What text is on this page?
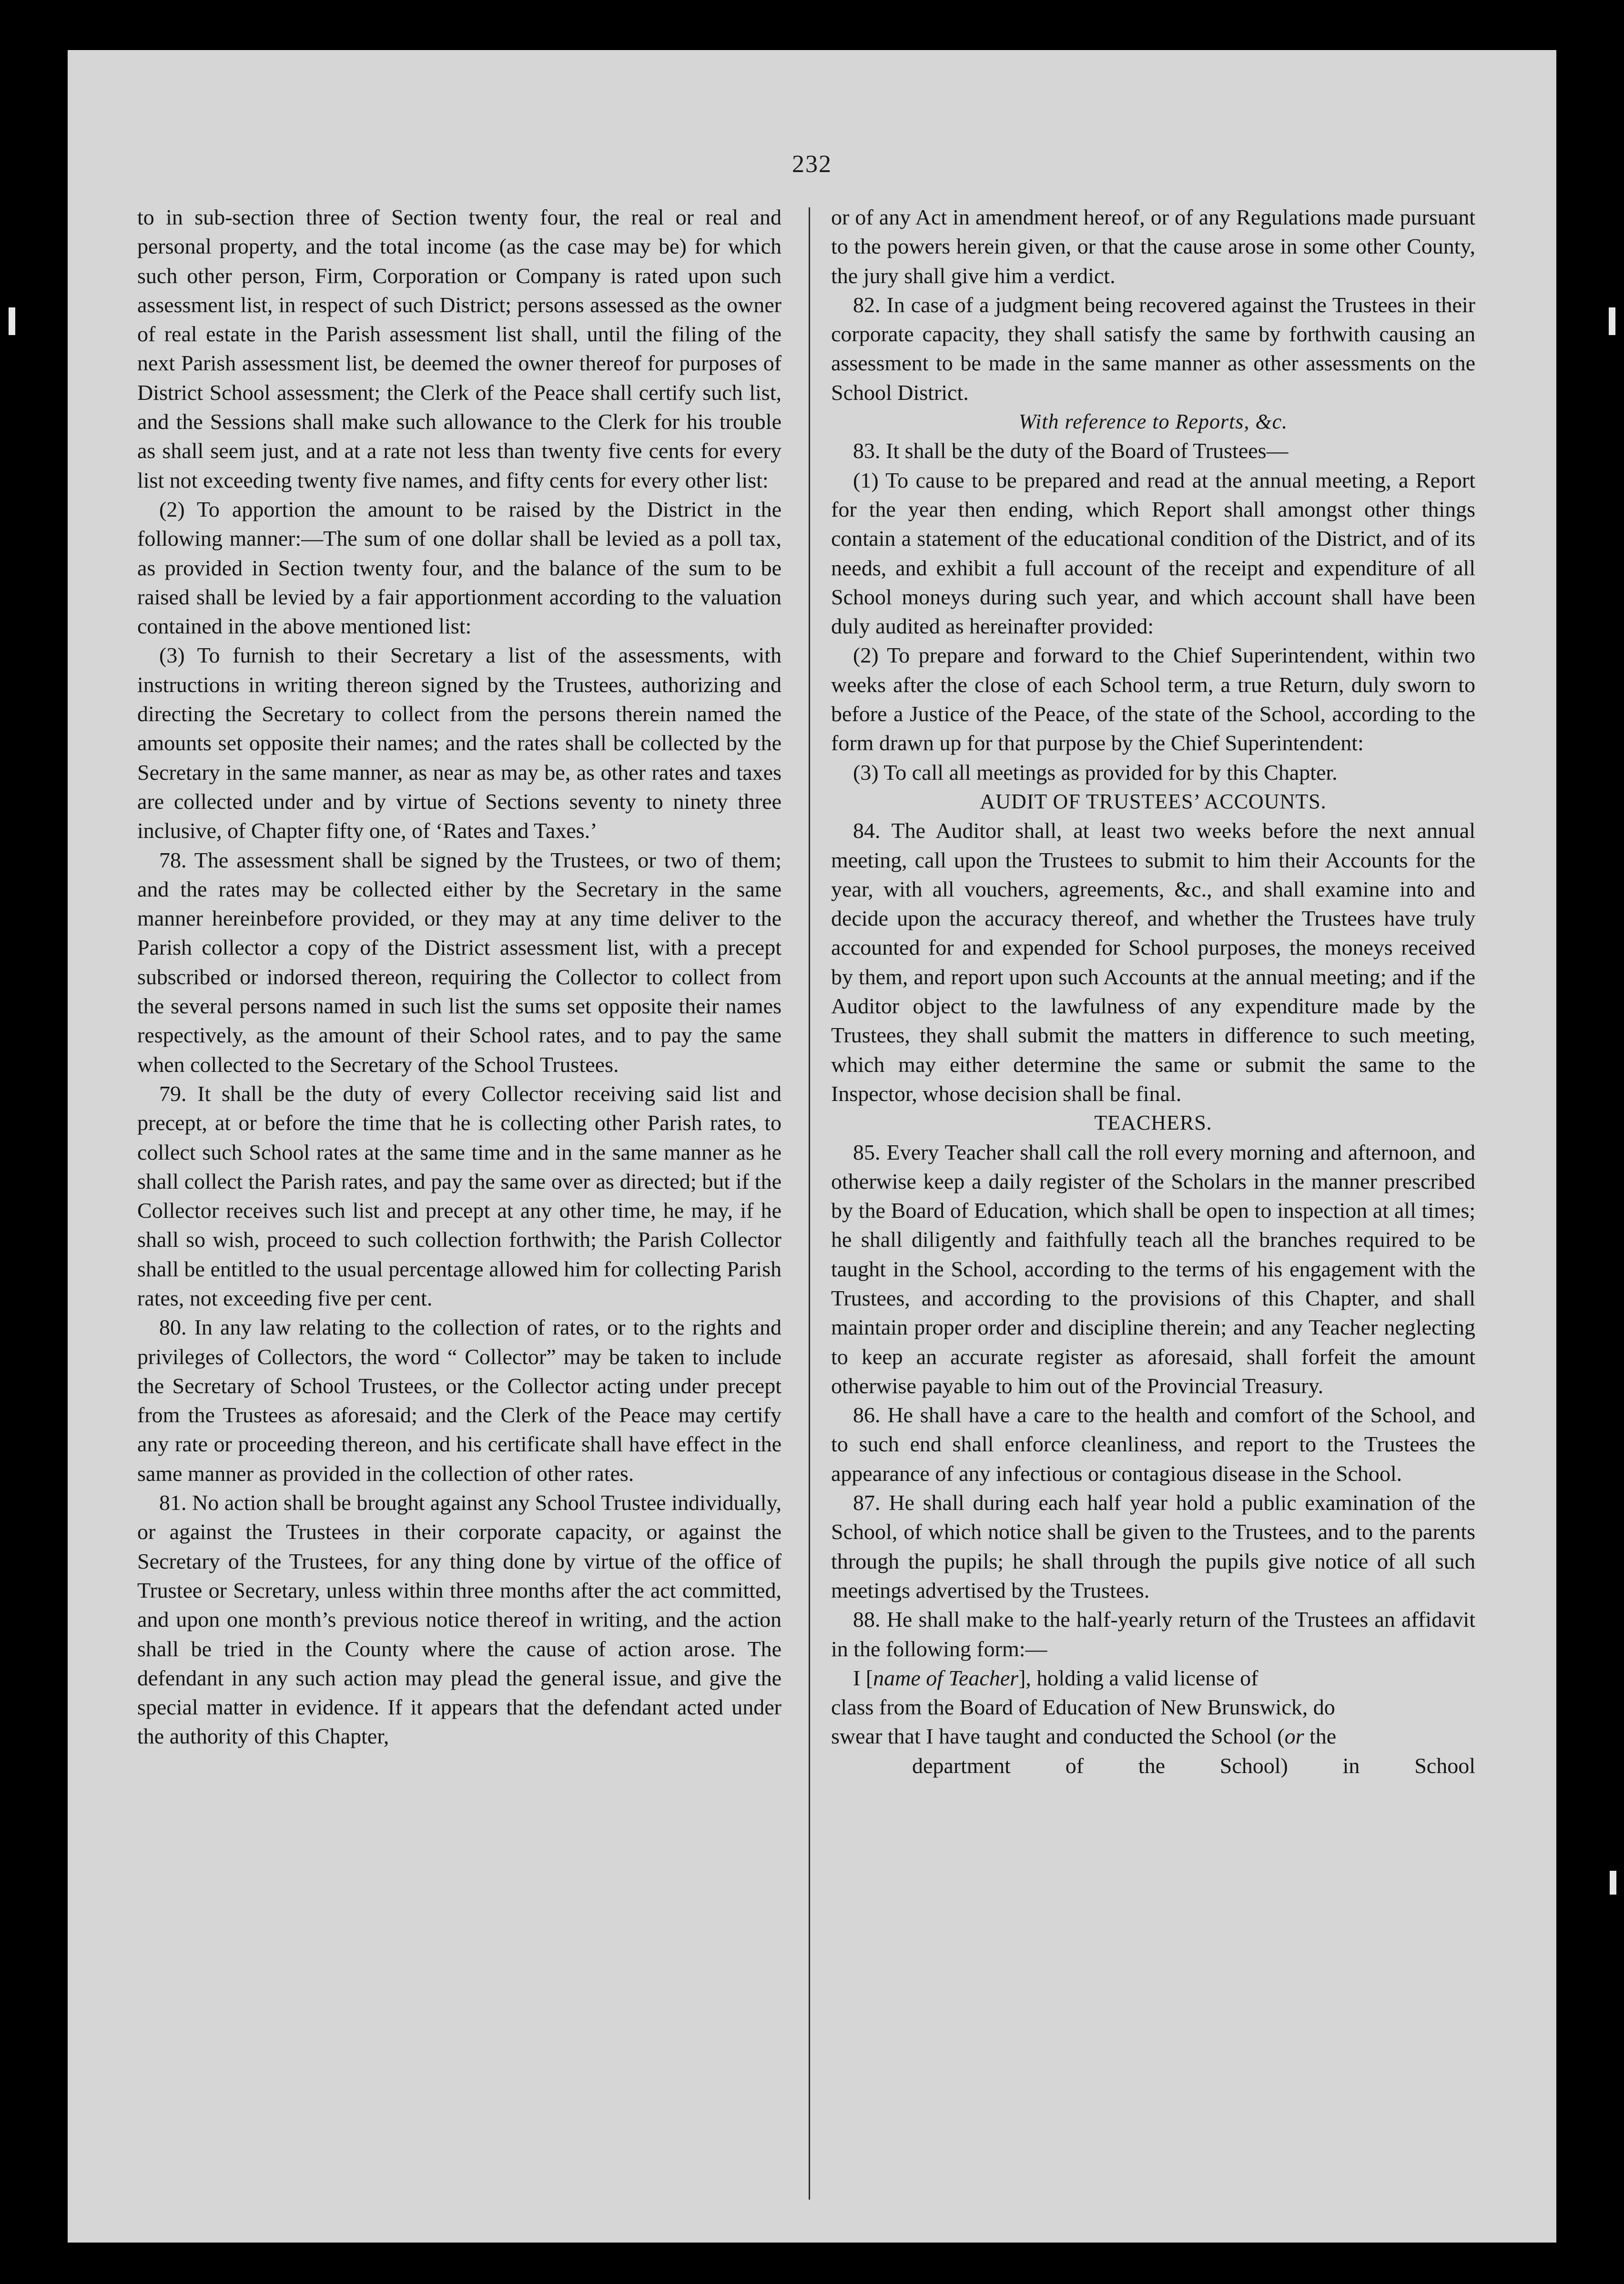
232

to in sub-section three of Section twenty four, the real or real and personal property, and the total income (as the case may be) for which such other person, Firm, Corporation or Company is rated upon such assessment list, in respect of such District; persons assessed as the owner of real estate in the Parish assessment list shall, until the filing of the next Parish assessment list, be deemed the owner thereof for purposes of District School assessment; the Clerk of the Peace shall certify such list, and the Sessions shall make such allowance to the Clerk for his trouble as shall seem just, and at a rate not less than twenty five cents for every list not exceeding twenty five names, and fifty cents for every other list:

(2) To apportion the amount to be raised by the District in the following manner:—The sum of one dollar shall be levied as a poll tax, as provided in Section twenty four, and the balance of the sum to be raised shall be levied by a fair apportionment according to the valuation contained in the above mentioned list:

(3) To furnish to their Secretary a list of the assessments, with instructions in writing thereon signed by the Trustees, authorizing and directing the Secretary to collect from the persons therein named the amounts set opposite their names; and the rates shall be collected by the Secretary in the same manner, as near as may be, as other rates and taxes are collected under and by virtue of Sections seventy to ninety three inclusive, of Chapter fifty one, of ‘Rates and Taxes.’

78. The assessment shall be signed by the Trustees, or two of them; and the rates may be collected either by the Secretary in the same manner hereinbefore provided, or they may at any time deliver to the Parish collector a copy of the District assessment list, with a precept subscribed or indorsed thereon, requiring the Collector to collect from the several persons named in such list the sums set opposite their names respectively, as the amount of their School rates, and to pay the same when collected to the Secretary of the School Trustees.

79. It shall be the duty of every Collector receiving said list and precept, at or before the time that he is collecting other Parish rates, to collect such School rates at the same time and in the same manner as he shall collect the Parish rates, and pay the same over as directed; but if the Collector receives such list and precept at any other time, he may, if he shall so wish, proceed to such collection forthwith; the Parish Collector shall be entitled to the usual percentage allowed him for collecting Parish rates, not exceeding five per cent.

80. In any law relating to the collection of rates, or to the rights and privileges of Collectors, the word “ Collector” may be taken to include the Secretary of School Trustees, or the Collector acting under precept from the Trustees as aforesaid; and the Clerk of the Peace may certify any rate or proceeding thereon, and his certificate shall have effect in the same manner as provided in the collection of other rates.

81. No action shall be brought against any School Trustee individually, or against the Trustees in their corporate capacity, or against the Secretary of the Trustees, for any thing done by virtue of the office of Trustee or Secretary, unless within three months after the act committed, and upon one month’s previous notice thereof in writing, and the action shall be tried in the County where the cause of action arose. The defendant in any such action may plead the general issue, and give the special matter in evidence. If it appears that the defendant acted under the authority of this Chapter,

or of any Act in amendment hereof, or of any Regulations made pursuant to the powers herein given, or that the cause arose in some other County, the jury shall give him a verdict.

82. In case of a judgment being recovered against the Trustees in their corporate capacity, they shall satisfy the same by forthwith causing an assessment to be made in the same manner as other assessments on the School District.

With reference to Reports, &c.

83. It shall be the duty of the Board of Trustees—

(1) To cause to be prepared and read at the annual meeting, a Report for the year then ending, which Report shall amongst other things contain a statement of the educational condition of the District, and of its needs, and exhibit a full account of the receipt and expenditure of all School moneys during such year, and which account shall have been duly audited as hereinafter provided:

(2) To prepare and forward to the Chief Superintendent, within two weeks after the close of each School term, a true Return, duly sworn to before a Justice of the Peace, of the state of the School, according to the form drawn up for that purpose by the Chief Superintendent:

(3) To call all meetings as provided for by this Chapter.

AUDIT OF TRUSTEES’ ACCOUNTS.

84. The Auditor shall, at least two weeks before the next annual meeting, call upon the Trustees to submit to him their Accounts for the year, with all vouchers, agreements, &c., and shall examine into and decide upon the accuracy thereof, and whether the Trustees have truly accounted for and expended for School purposes, the moneys received by them, and report upon such Accounts at the annual meeting; and if the Auditor object to the lawfulness of any expenditure made by the Trustees, they shall submit the matters in difference to such meeting, which may either determine the same or submit the same to the Inspector, whose decision shall be final.

TEACHERS.

85. Every Teacher shall call the roll every morning and afternoon, and otherwise keep a daily register of the Scholars in the manner prescribed by the Board of Education, which shall be open to inspection at all times; he shall diligently and faithfully teach all the branches required to be taught in the School, according to the terms of his engagement with the Trustees, and according to the provisions of this Chapter, and shall maintain proper order and discipline therein; and any Teacher neglecting to keep an accurate register as aforesaid, shall forfeit the amount otherwise payable to him out of the Provincial Treasury.

86. He shall have a care to the health and comfort of the School, and to such end shall enforce cleanliness, and report to the Trustees the appearance of any infectious or contagious disease in the School.

87. He shall during each half year hold a public examination of the School, of which notice shall be given to the Trustees, and to the parents through the pupils; he shall through the pupils give notice of all such meetings advertised by the Trustees.

88. He shall make to the half-yearly return of the Trustees an affidavit in the following form:—

I [name of Teacher], holding a valid license of

class from the Board of Education of New Brunswick, do

swear that I have taught and conducted the School (or the

department of the School) in School
